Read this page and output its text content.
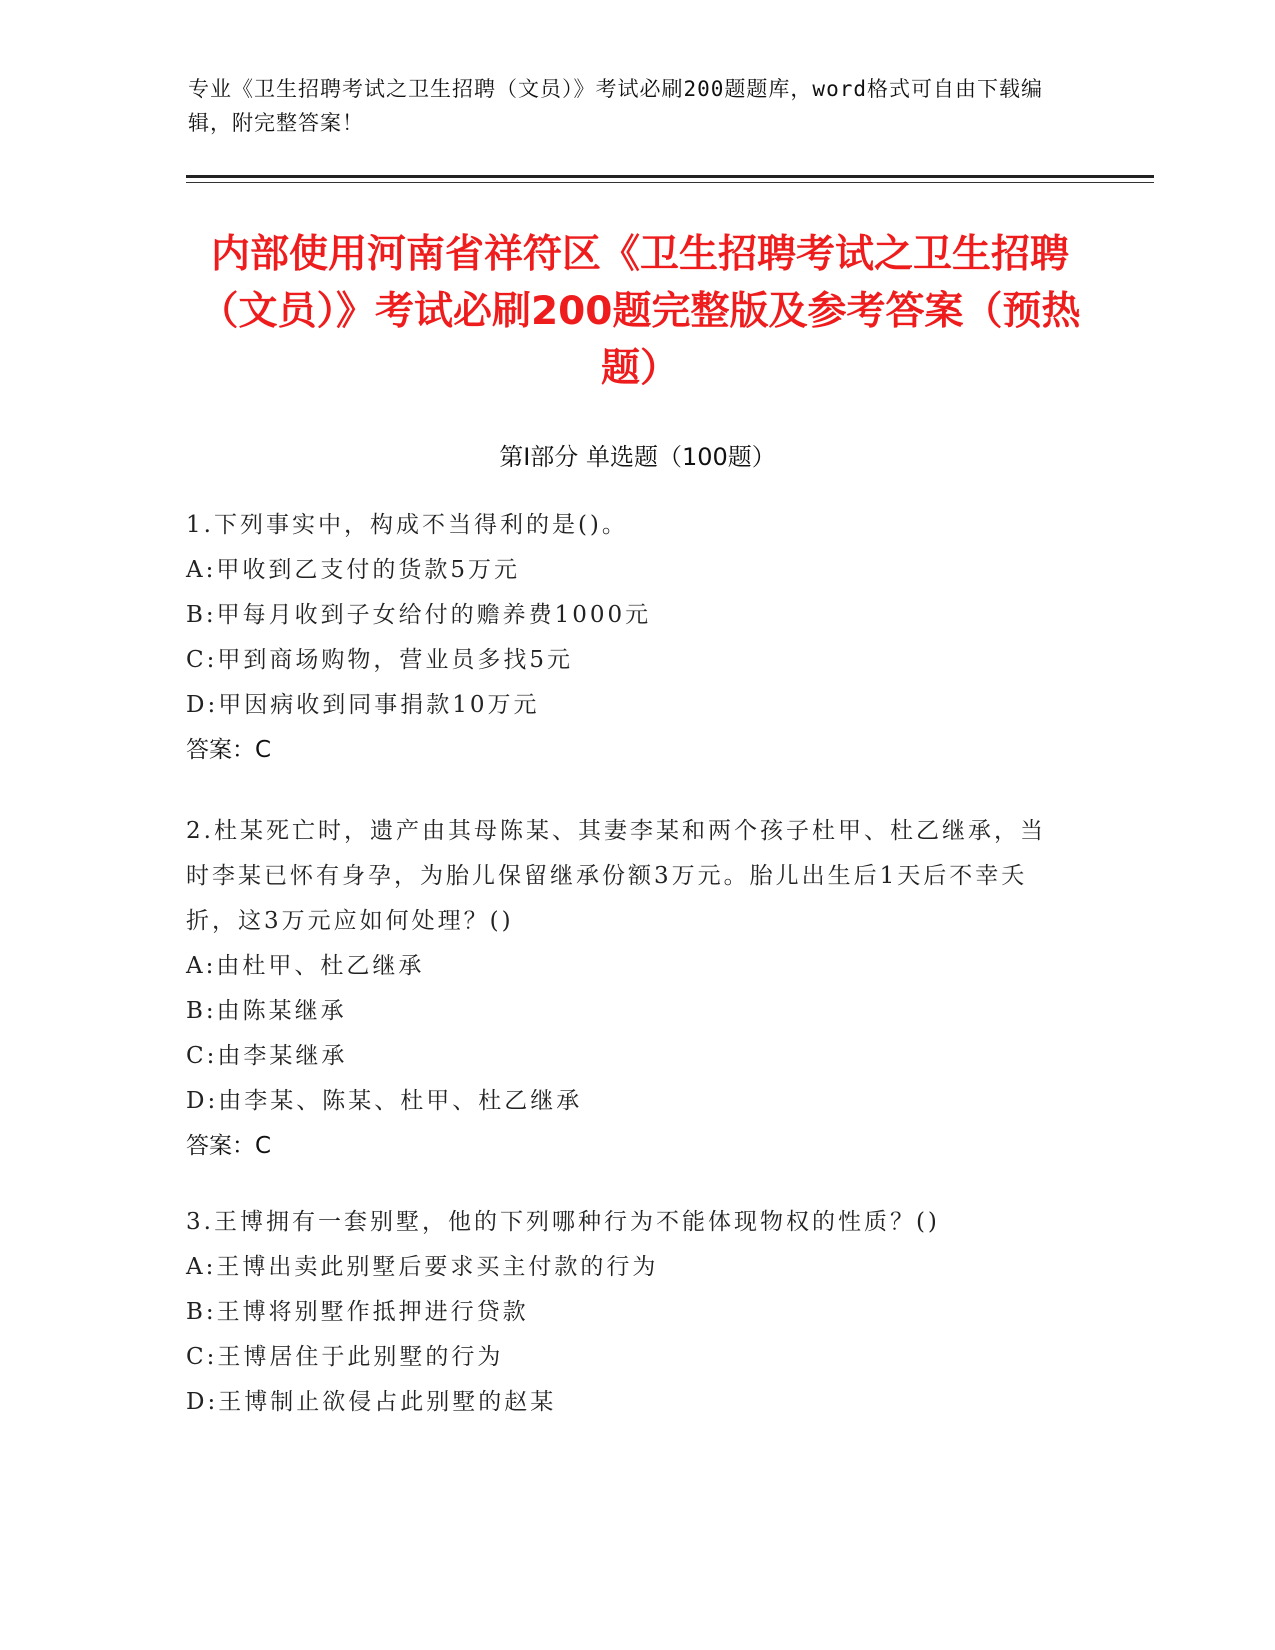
专业《卫生招聘考试之卫生招聘（文员）》考试必刷200题题库，word格式可自由下载编辑，附完整答案！
内部使用河南省祥符区《卫生招聘考试之卫生招聘（文员）》考试必刷200题完整版及参考答案（预热题）
第Ⅰ部分 单选题（100题）
1.下列事实中，构成不当得利的是()。
A:甲收到乙支付的货款5万元
B:甲每月收到子女给付的赡养费1000元
C:甲到商场购物，营业员多找5元
D:甲因病收到同事捐款10万元
答案：C
2.杜某死亡时，遗产由其母陈某、其妻李某和两个孩子杜甲、杜乙继承，当时李某已怀有身孕，为胎儿保留继承份额3万元。胎儿出生后1天后不幸夭折，这3万元应如何处理？()
A:由杜甲、杜乙继承
B:由陈某继承
C:由李某继承
D:由李某、陈某、杜甲、杜乙继承
答案：C
3.王博拥有一套别墅，他的下列哪种行为不能体现物权的性质？()
A:王博出卖此别墅后要求买主付款的行为
B:王博将别墅作抵押进行贷款
C:王博居住于此别墅的行为
D:王博制止欲侵占此别墅的赵某
